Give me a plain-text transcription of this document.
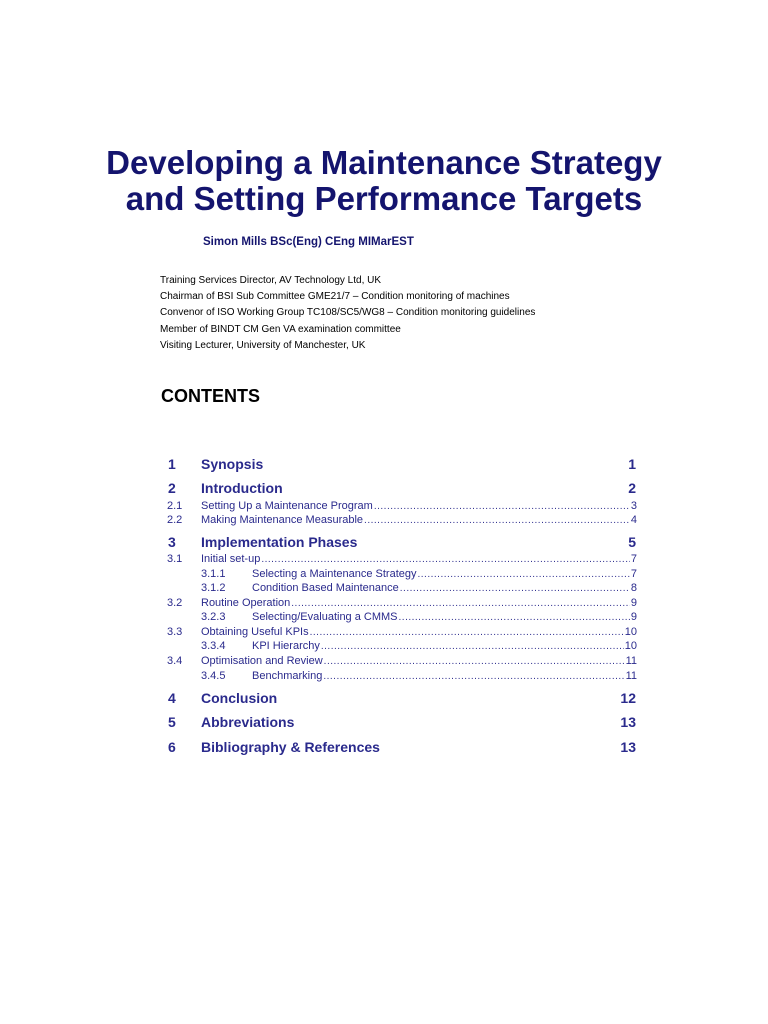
Developing a Maintenance Strategy
and Setting Performance Targets
Simon Mills BSc(Eng) CEng MIMarEST
Training Services Director, AV Technology Ltd, UK
Chairman of BSI Sub Committee GME21/7 – Condition monitoring of machines
Convenor of ISO Working Group TC108/SC5/WG8 – Condition monitoring guidelines
Member of BINDT CM Gen VA examination committee
Visiting Lecturer, University of Manchester, UK
CONTENTS
1 Synopsis	1
2 Introduction	2
2.1 Setting Up a Maintenance Program .....	3
2.2 Making Maintenance Measurable .....	4
3 Implementation Phases	5
3.1 Initial set-up .....	7
3.1.1 Selecting a Maintenance Strategy .....	7
3.1.2 Condition Based Maintenance .....	8
3.2 Routine Operation .....	9
3.2.3 Selecting/Evaluating a CMMS .....	9
3.3 Obtaining Useful KPIs .....	10
3.3.4 KPI Hierarchy .....	10
3.4 Optimisation and Review .....	11
3.4.5 Benchmarking .....	11
4 Conclusion	12
5 Abbreviations	13
6 Bibliography & References	13
